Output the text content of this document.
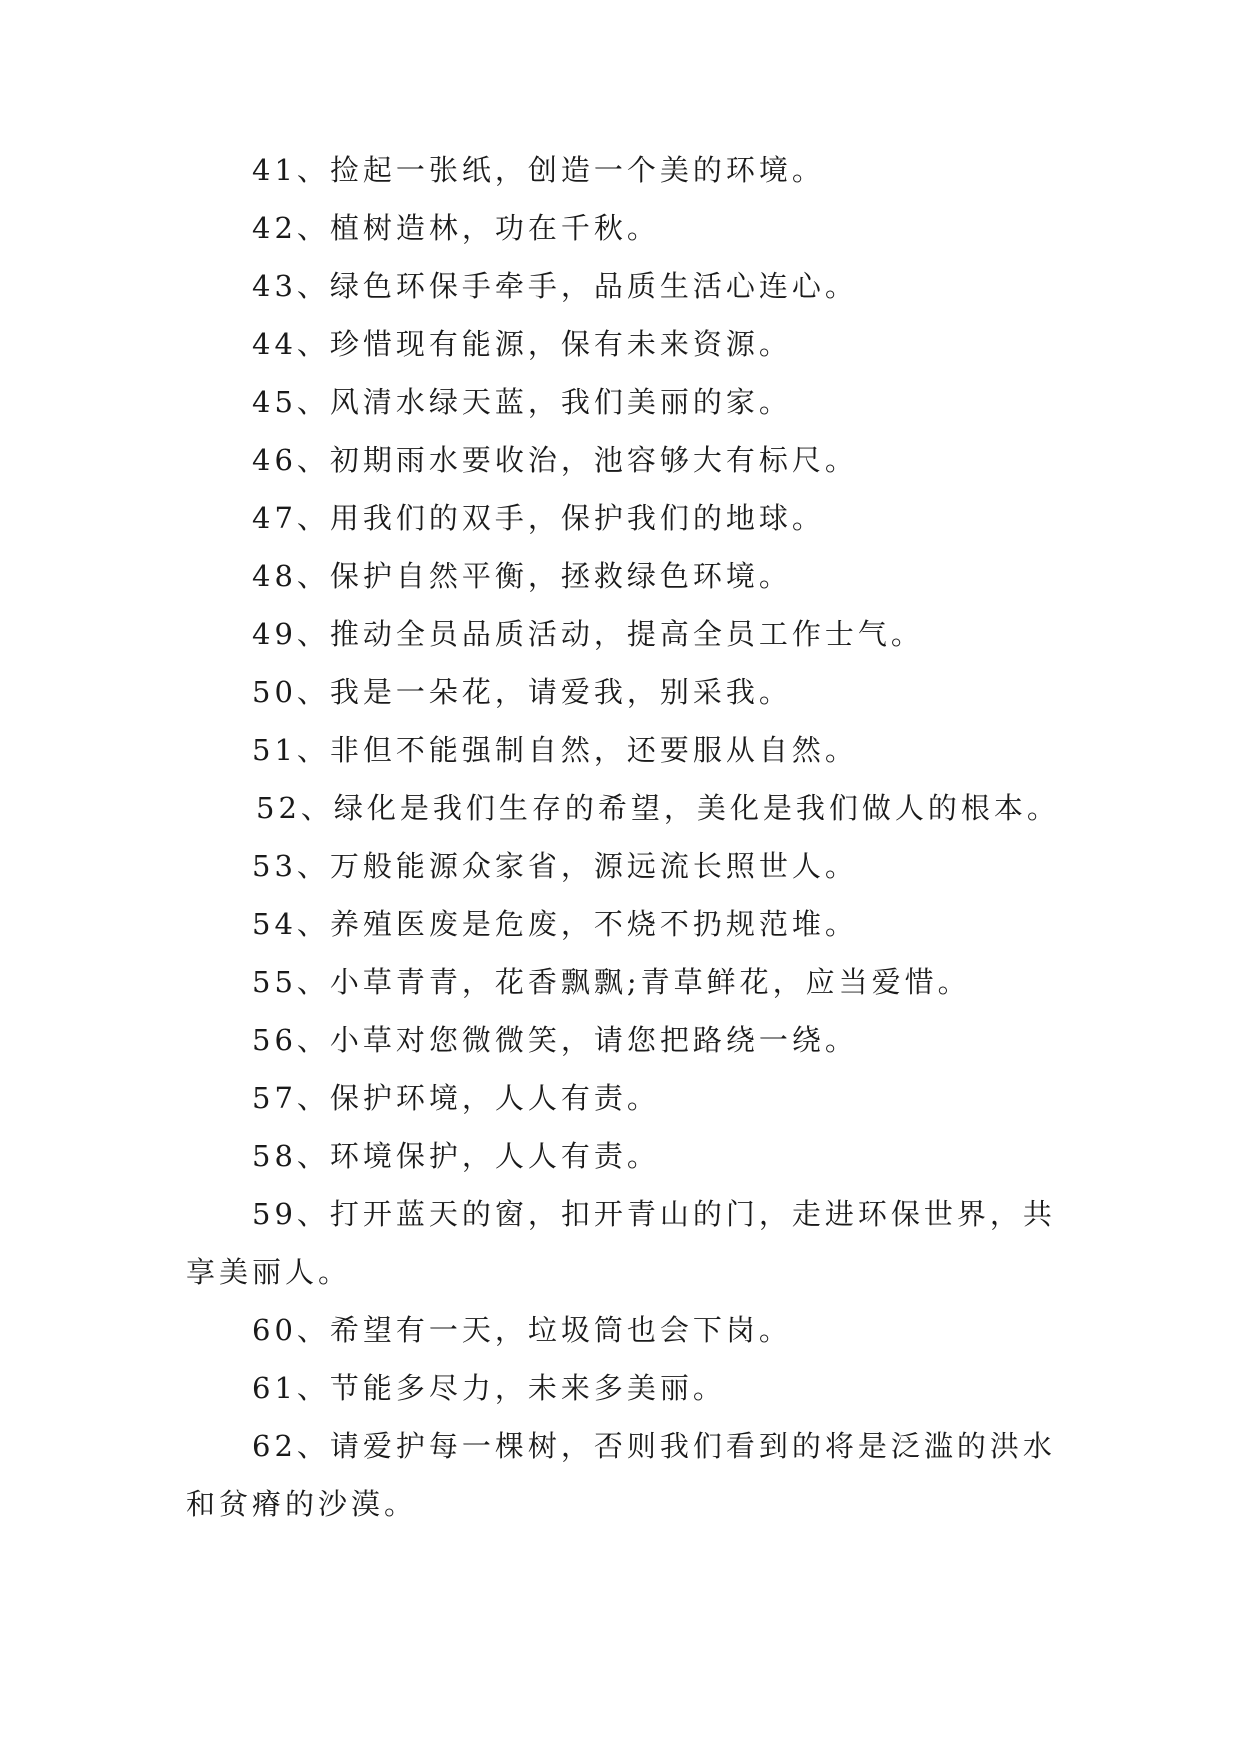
41、捡起一张纸，创造一个美的环境。
42、植树造林，功在千秋。
43、绿色环保手牵手，品质生活心连心。
44、珍惜现有能源，保有未来资源。
45、风清水绿天蓝，我们美丽的家。
46、初期雨水要收治，池容够大有标尺。
47、用我们的双手，保护我们的地球。
48、保护自然平衡，拯救绿色环境。
49、推动全员品质活动，提高全员工作士气。
50、我是一朵花，请爱我，别采我。
51、非但不能强制自然，还要服从自然。
52、绿化是我们生存的希望，美化是我们做人的根本。
53、万般能源众家省，源远流长照世人。
54、养殖医废是危废，不烧不扔规范堆。
55、小草青青，花香飘飘;青草鲜花，应当爱惜。
56、小草对您微微笑，请您把路绕一绕。
57、保护环境，人人有责。
58、环境保护，人人有责。
59、打开蓝天的窗，扣开青山的门，走进环保世界，共
享美丽人。
60、希望有一天，垃圾筒也会下岗。
61、节能多尽力，未来多美丽。
62、请爱护每一棵树，否则我们看到的将是泛滥的洪水
和贫瘠的沙漠。
